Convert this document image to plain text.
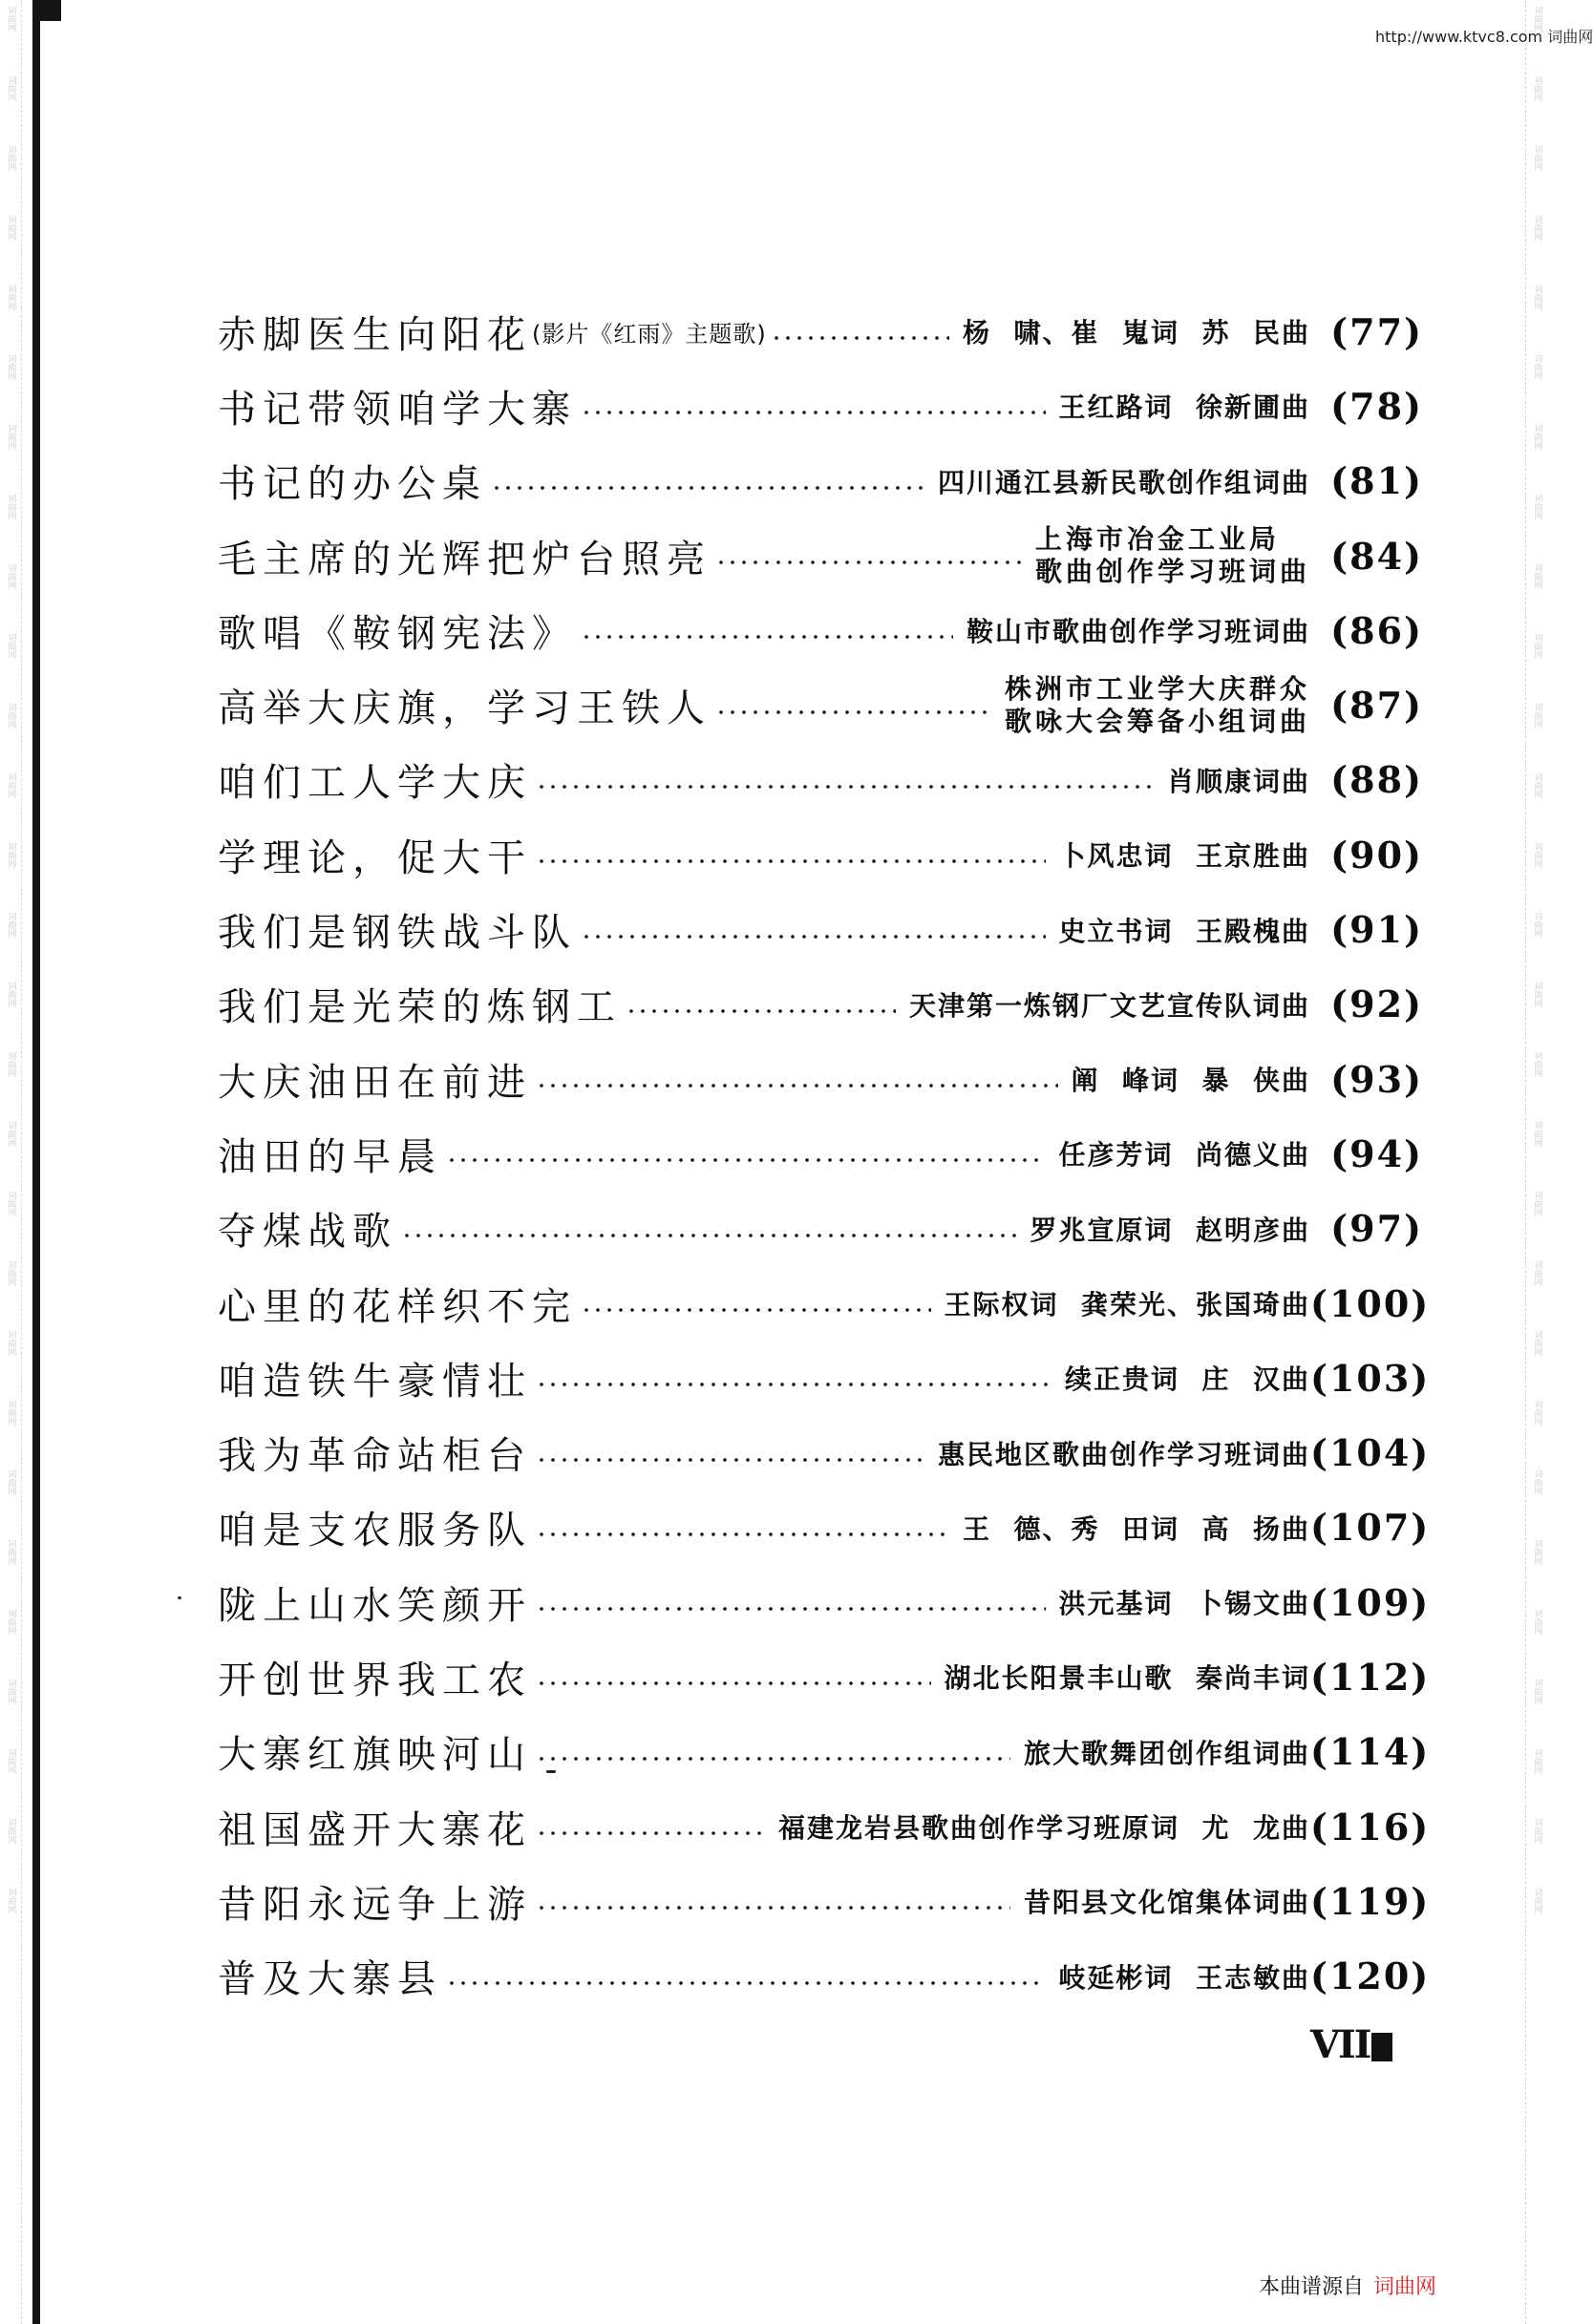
词曲网
词曲网
词曲网
词曲网
词曲网
词曲网
词曲网
词曲网
词曲网
词曲网
词曲网
词曲网
词曲网
词曲网
词曲网
词曲网
词曲网
词曲网
词曲网
词曲网
词曲网
词曲网
词曲网
词曲网
词曲网
词曲网
词曲网
词曲网
词曲网
词曲网
词曲网
词曲网
词曲网
词曲网
词曲网
词曲网
词曲网
词曲网
词曲网
词曲网
词曲网
词曲网
词曲网
词曲网
词曲网
词曲网
词曲网
词曲网
词曲网
词曲网
词曲网
词曲网
词曲网
词曲网
词曲网
词曲网
http://www.ktvc8.com 词曲网
赤脚医生向阳花 (影片《红雨》主题歌)	杨  啸、崔  嵬词  苏  民曲 (77)
书记带领咱学大寨	王红路词  徐新圃曲 (78)
书记的办公桌	四川通江县新民歌创作组词曲 (81)
毛主席的光辉把炉台照亮	上海市冶金工业局
歌曲创作学习班词曲 (84)
歌唱《鞍钢宪法》	鞍山市歌曲创作学习班词曲 (86)
高举大庆旗，学习王铁人	株洲市工业学大庆群众
歌咏大会筹备小组词曲 (87)
咱们工人学大庆	肖顺康词曲 (88)
学理论，促大干	卜风忠词  王京胜曲 (90)
我们是钢铁战斗队	史立书词  王殿槐曲 (91)
我们是光荣的炼钢工	天津第一炼钢厂文艺宣传队词曲 (92)
大庆油田在前进	阐  峰词  暴  侠曲 (93)
油田的早晨	任彦芳词  尚德义曲 (94)
夺煤战歌	罗兆宣原词  赵明彦曲 (97)
心里的花样织不完	王际权词  龚荣光、张国琦曲 (100)
咱造铁牛豪情壮	续正贵词  庄  汉曲 (103)
我为革命站柜台	惠民地区歌曲创作学习班词曲 (104)
咱是支农服务队	王  德、秀  田词  高  扬曲 (107)
陇上山水笑颜开	洪元基词  卜锡文曲 (109)
开创世界我工农	湖北长阳景丰山歌  秦尚丰词 (112)
大寨红旗映河山	旅大歌舞团创作组词曲 (114)
祖国盛开大寨花	福建龙岩县歌曲创作学习班原词  尤  龙曲 (116)
昔阳永远争上游	昔阳县文化馆集体词曲 (119)
普及大寨县	岐延彬词  王志敏曲 (120)
VII
本曲谱源自 词曲网
